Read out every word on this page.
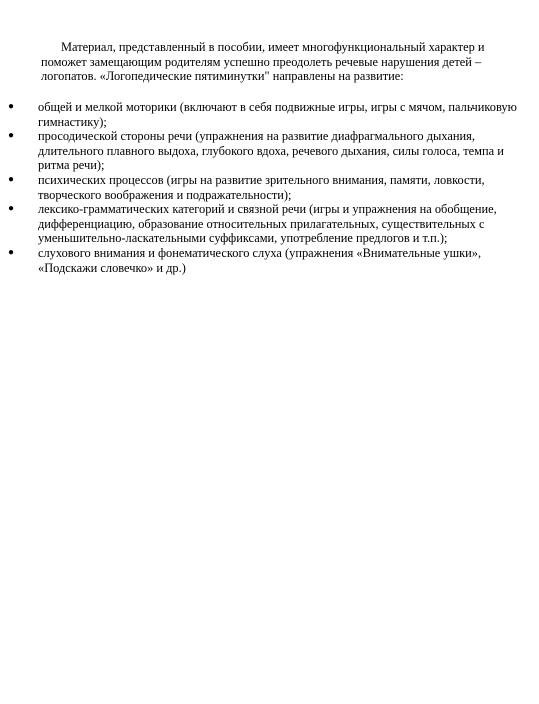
Материал, представленный в пособии, имеет многофункциональный характер и поможет замещающим родителям успешно преодолеть речевые нарушения детей – логопатов. «Логопедические пятиминутки" направлены на развитие:

●	общей и мелкой моторики (включают в себя подвижные игры, игры с мячом, пальчиковую гимнастику);
●	просодической стороны речи (упражнения на развитие диафрагмального дыхания, длительного плавного выдоха, глубокого вдоха, речевого дыхания, силы голоса, темпа и ритма речи);
●	психических процессов (игры на развитие зрительного внимания, памяти, ловкости, творческого воображения и подражательности);
●	лексико-грамматических категорий и связной речи (игры и упражнения на обобщение, дифференциацию, образование относительных прилагательных, существительных с уменьшительно-ласкательными суффиксами, употребление предлогов и т.п.);
●	слухового внимания и фонематического слуха (упражнения «Внимательные ушки», «Подскажи словечко» и др.)
